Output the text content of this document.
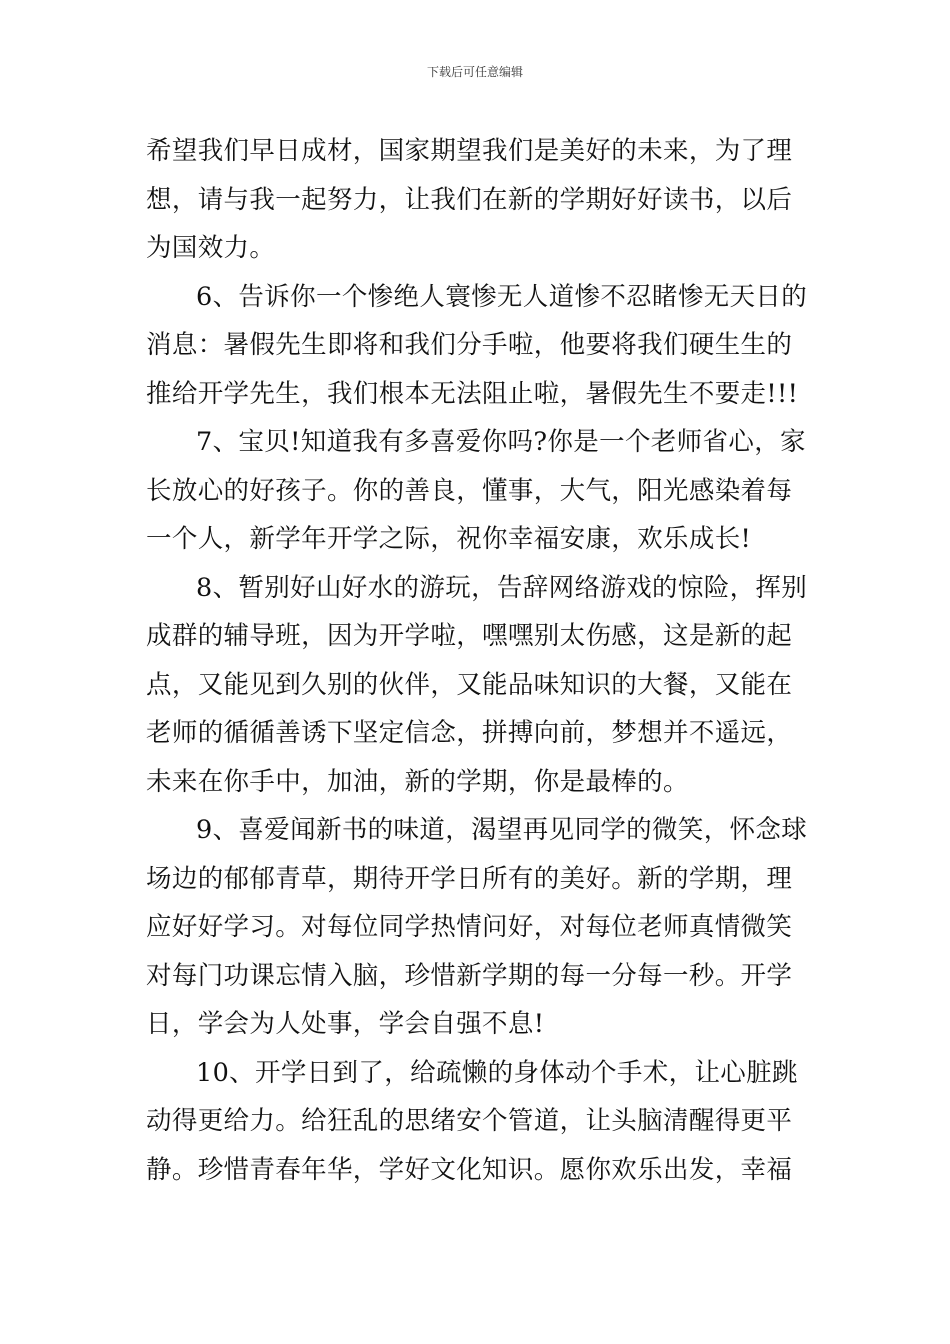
下载后可任意编辑

希望我们早日成材，国家期望我们是美好的未来，为了理
想，请与我一起努力，让我们在新的学期好好读书，以后
为国效力。

6、告诉你一个惨绝人寰惨无人道惨不忍睹惨无天日的
消息：暑假先生即将和我们分手啦，他要将我们硬生生的
推给开学先生，我们根本无法阻止啦，暑假先生不要走!!!

7、宝贝!知道我有多喜爱你吗?你是一个老师省心，家
长放心的好孩子。你的善良，懂事，大气，阳光感染着每
一个人，新学年开学之际，祝你幸福安康，欢乐成长!

8、暂别好山好水的游玩，告辞网络游戏的惊险，挥别
成群的辅导班，因为开学啦，嘿嘿别太伤感，这是新的起
点，又能见到久别的伙伴，又能品味知识的大餐，又能在
老师的循循善诱下坚定信念，拼搏向前，梦想并不遥远，
未来在你手中，加油，新的学期，你是最棒的。

9、喜爱闻新书的味道，渴望再见同学的微笑，怀念球
场边的郁郁青草，期待开学日所有的美好。新的学期，理
应好好学习。对每位同学热情问好，对每位老师真情微笑
对每门功课忘情入脑，珍惜新学期的每一分每一秒。开学
日，学会为人处事，学会自强不息!

10、开学日到了，给疏懒的身体动个手术，让心脏跳
动得更给力。给狂乱的思绪安个管道，让头脑清醒得更平
静。珍惜青春年华，学好文化知识。愿你欢乐出发，幸福
